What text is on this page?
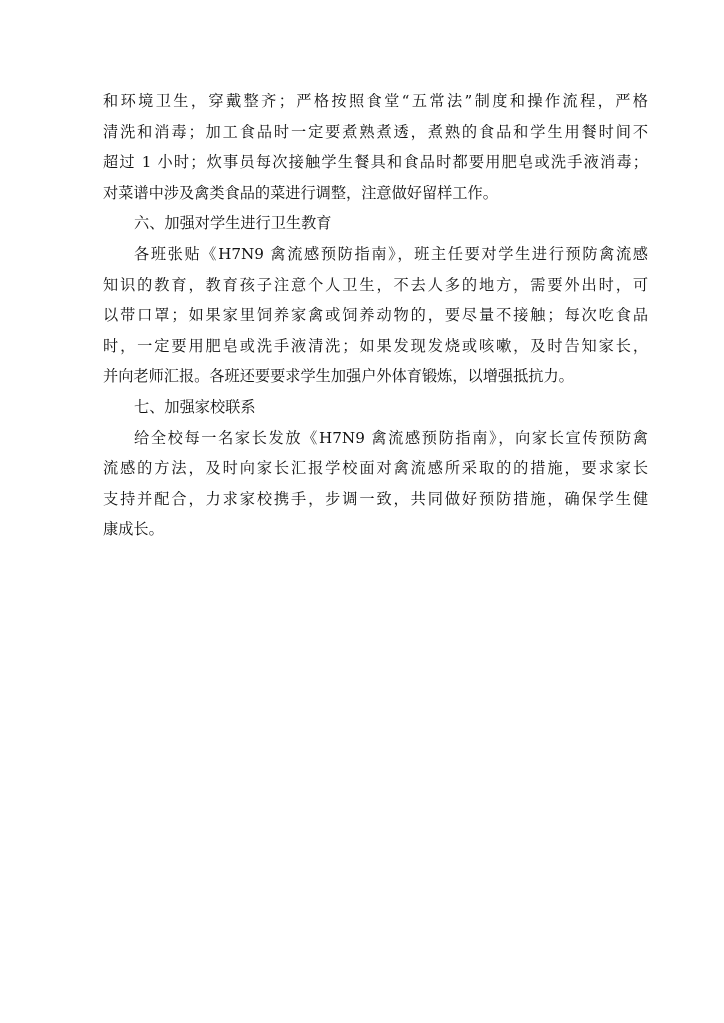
和环境卫生，穿戴整齐；严格按照食堂“五常法”制度和操作流程，严格
清洗和消毒；加工食品时一定要煮熟煮透，煮熟的食品和学生用餐时间不
超过 1 小时；炊事员每次接触学生餐具和食品时都要用肥皂或洗手液消毒；
对菜谱中涉及禽类食品的菜进行调整，注意做好留样工作。
六、加强对学生进行卫生教育
各班张贴《H7N9 禽流感预防指南》，班主任要对学生进行预防禽流感
知识的教育，教育孩子注意个人卫生，不去人多的地方，需要外出时，可
以带口罩；如果家里饲养家禽或饲养动物的，要尽量不接触；每次吃食品
时，一定要用肥皂或洗手液清洗；如果发现发烧或咳嗽，及时告知家长，
并向老师汇报。各班还要要求学生加强户外体育锻炼，以增强抵抗力。
七、加强家校联系
给全校每一名家长发放《H7N9 禽流感预防指南》，向家长宣传预防禽
流感的方法，及时向家长汇报学校面对禽流感所采取的的措施，要求家长
支持并配合，力求家校携手，步调一致，共同做好预防措施，确保学生健
康成长。
